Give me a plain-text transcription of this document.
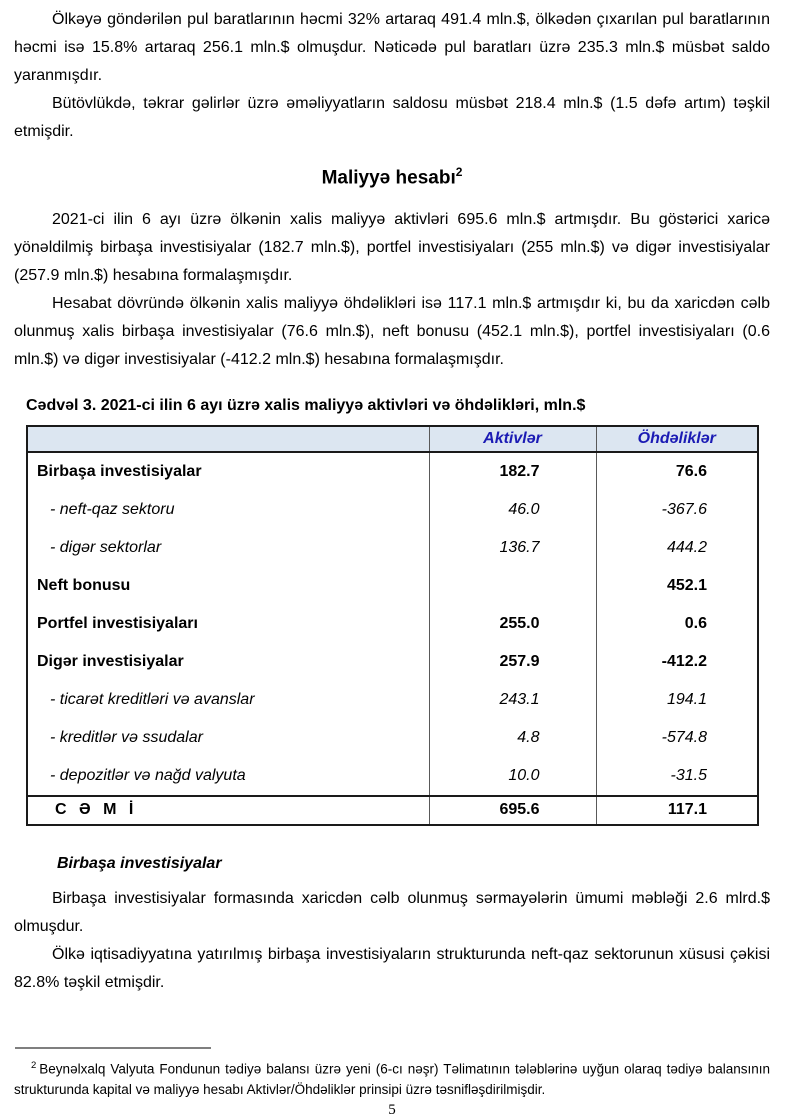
Ölkəyə göndərilən pul baratlarının həcmi 32% artaraq 491.4 mln.$, ölkədən çıxarılan pul baratlarının həcmi isə 15.8% artaraq 256.1 mln.$ olmuşdur. Nəticədə pul baratları üzrə 235.3 mln.$ müsbət saldo yaranmışdır.

Bütövlükdə, təkrar gəlirlər üzrə əməliyyatların saldosu müsbət 218.4 mln.$ (1.5 dəfə artım) təşkil etmişdir.

Maliyyə hesabı$^2$

2021-ci ilin 6 ayı üzrə ölkənin xalis maliyyə aktivləri 695.6 mln.$ artmışdır. Bu göstərici xaricə yönəldilmiş birbaşa investisiyalar (182.7 mln.$), portfel investisiyaları (255 mln.$) və digər investisiyalar (257.9 mln.$) hesabına formalaşmışdır.

Hesabat dövründə ölkənin xalis maliyyə öhdəlikləri isə 117.1 mln.$ artmışdır ki, bu da xaricdən cəlb olunmuş xalis birbaşa investisiyalar (76.6 mln.$), neft bonusu (452.1 mln.$), portfel investisiyaları (0.6 mln.$) və digər investisiyalar (-412.2 mln.$) hesabına formalaşmışdır.

Cədvəl 3. 2021-ci ilin 6 ayı üzrə xalis maliyyə aktivləri və öhdəlikləri, mln.$
	Aktivlər	Öhdəliklər
Birbaşa investisiyalar	182.7	76.6
- neft-qaz sektoru	46.0	-367.6
- digər sektorlar	136.7	444.2
Neft bonusu		452.1
Portfel investisiyaları	255.0	0.6
Digər investisiyalar	257.9	-412.2
- ticarət kreditləri və avanslar	243.1	194.1
- kreditlər və ssudalar	4.8	-574.8
- depozitlər və nağd valyuta	10.0	-31.5
C Ə M İ	695.6	117.1
Birbaşa investisiyalar

Birbaşa investisiyalar formasında xaricdən cəlb olunmuş sərmayələrin ümumi məbləği 2.6 mlrd.$ olmuşdur.

Ölkə iqtisadiyyatına yatırılmış birbaşa investisiyaların strukturunda neft-qaz sektorunun xüsusi çəkisi 82.8% təşkil etmişdir.

$^2$ Beynəlxalq Valyuta Fondunun tədiyə balansı üzrə yeni (6-cı nəşr) Təlimatının tələblərinə uyğun olaraq tədiyə balansının strukturunda kapital və maliyyə hesabı Aktivlər/Öhdəliklər prinsipi üzrə təsnifləşdirilmişdir.

5
